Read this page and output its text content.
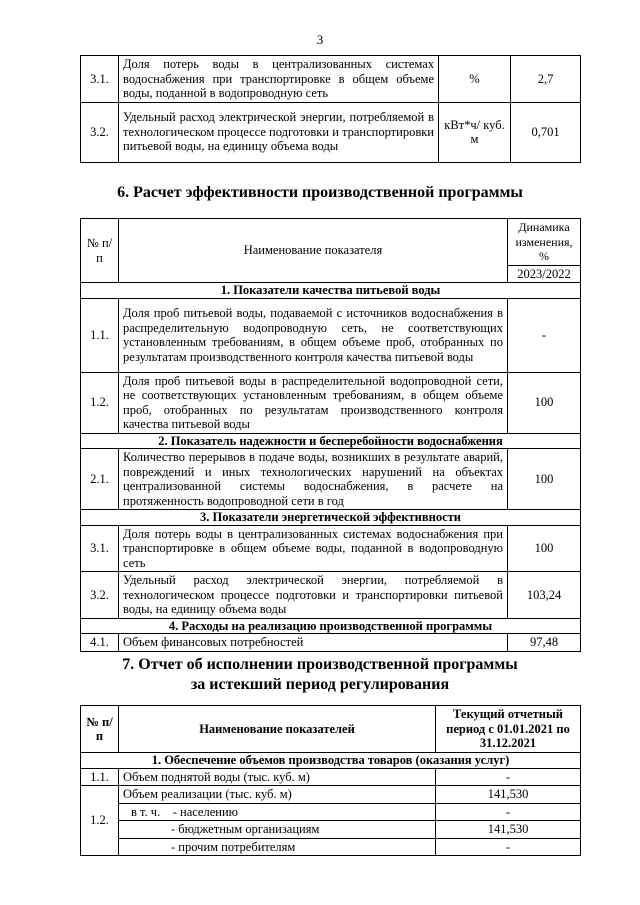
3
3.1.	Доля потерь воды в централизованных системах водоснабжения при транспортировке в общем объеме воды, поданной в водопроводную сеть	%	2,7
3.2.	Удельный расход электрической энергии, потребляемой в технологическом процессе подготовки и транспортировки питьевой воды, на единицу объема воды	кВт*ч/ куб. м	0,701
6. Расчет эффективности производственной программы
№ п/п	Наименование показателя	Динамика изменения, %
		2023/2022
1. Показатели качества питьевой воды		
1.1.	Доля проб питьевой воды, подаваемой с источников водоснабжения в распределительную водопроводную сеть, не соответствующих установленным требованиям, в общем объеме проб, отобранных по результатам производственного контроля качества питьевой воды	-
1.2.	Доля проб питьевой воды в распределительной водопроводной сети, не соответствующих установленным требованиям, в общем объеме проб, отобранных по результатам производственного контроля качества питьевой воды	100
2. Показатель надежности и бесперебойности водоснабжения		
2.1.	Количество перерывов в подаче воды, возникших в результате аварий, повреждений и иных технологических нарушений на объектах централизованной системы водоснабжения, в расчете на протяженность водопроводной сети в год	100
3. Показатели энергетической эффективности		
3.1.	Доля потерь воды в централизованных системах водоснабжения при транспортировке в общем объеме воды, поданной в водопроводную сеть	100
3.2.	Удельный расход электрической энергии, потребляемой в технологическом процессе подготовки и транспортировки питьевой воды, на единицу объема воды	103,24
4. Расходы на реализацию производственной программы		
4.1.	Объем финансовых потребностей	97,48
7. Отчет об исполнении производственной программы
за истекший период регулирования
№ п/п	Наименование показателей	Текущий отчетный период с 01.01.2021 по 31.12.2021
1. Обеспечение объемов производства товаров (оказания услуг)		
1.1.	Объем поднятой воды (тыс. куб. м)	-
1.2.	Объем реализации (тыс. куб. м)	141,530
	в т. ч.    - населению	-
	- бюджетным организациям	141,530
	- прочим потребителям	-
